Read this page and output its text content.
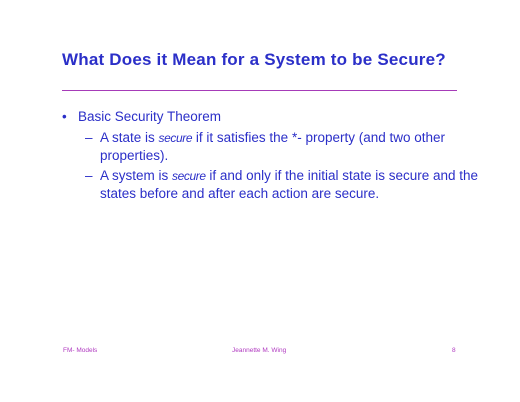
What Does it Mean for a System to be Secure?
• Basic Security Theorem
– A state is secure if it satisfies the *- property (and two other properties).
– A system is secure if and only if the initial state is secure and the states before and after each action are secure.
FM- Models	Jeannette M. Wing	8
